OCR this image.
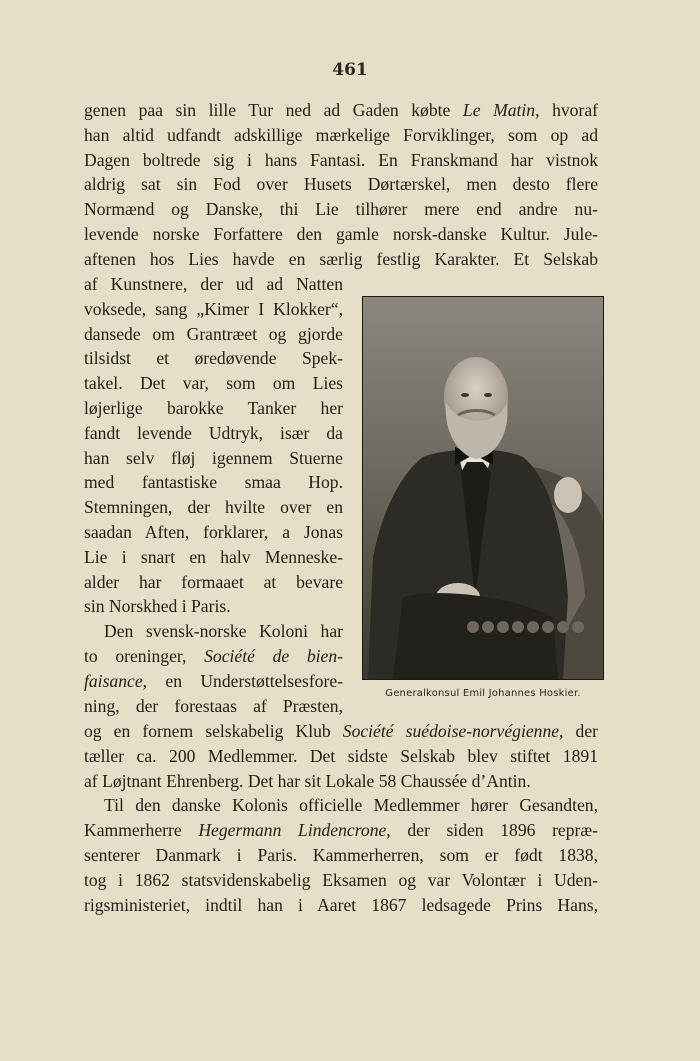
461
genen paa sin lille Tur ned ad Gaden købte Le Matin, hvoraf
han altid udfandt adskillige mærkelige Forviklinger, som op ad
Dagen boltrede sig i hans Fantasi. En Franskmand har vistnok
aldrig sat sin Fod over Husets Dørtærskel, men desto flere
Normænd og Danske, thi Lie tilhører mere end andre nu-
levende norske Forfattere den gamle norsk-danske Kultur. Jule-
aftenen hos Lies havde en særlig festlig Karakter. Et Selskab
af Kunstnere, der ud ad Natten
voksede, sang „Kimer I Klokker“,
dansede om Grantræet og gjorde
tilsidst et øredøvende Spek-
takel. Det var, som om Lies
løjerlige barokke Tanker her
fandt levende Udtryk, især da
han selv fløj igennem Stuerne
med fantastiske smaa Hop.
Stemningen, der hvilte over en
saadan Aften, forklarer, a Jonas
Lie i snart en halv Menneske-
alder har formaaet at bevare
sin Norskhed i Paris.
Den svensk-norske Koloni har
to oreninger, Société de bien-
faisance, en Understøttelsesfore-
ning, der forestaas af Præsten,
Generalkonsul Emil Johannes Hoskier.
og en fornem selskabelig Klub Société suédoise-norvégienne, der
tæller ca. 200 Medlemmer. Det sidste Selskab blev stiftet 1891
af Løjtnant Ehrenberg. Det har sit Lokale 58 Chaussée d’Antin.
Til den danske Kolonis officielle Medlemmer hører Gesandten,
Kammerherre Hegermann Lindencrone, der siden 1896 repræ-
senterer Danmark i Paris. Kammerherren, som er født 1838,
tog i 1862 statsvidenskabelig Eksamen og var Volontær i Uden-
rigsministeriet, indtil han i Aaret 1867 ledsagede Prins Hans,
